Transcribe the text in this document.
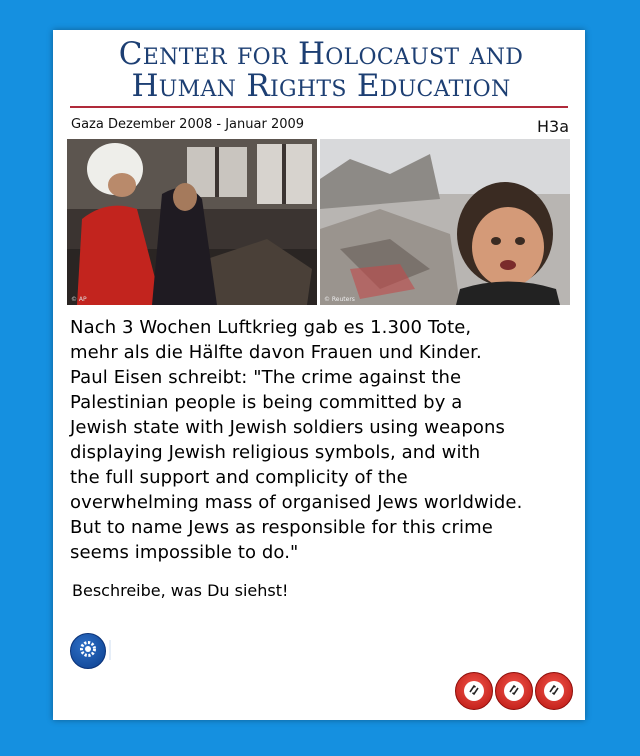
Center for Holocaust and
Human Rights Education
Gaza Dezember 2008 - Januar 2009	H3a
© AP	© Reuters
Nach 3 Wochen Luftkrieg gab es 1.300 Tote,
mehr als die Hälfte davon Frauen und Kinder.
Paul Eisen schreibt: "The crime against the
Palestinian people is being committed by a
Jewish state with Jewish soldiers using weapons
displaying Jewish religious symbols, and with
the full support and complicity of the
overwhelming mass of organised Jews worldwide.
But to name Jews as responsible for this crime
seems impossible to do."
Beschreibe, was Du siehst!
